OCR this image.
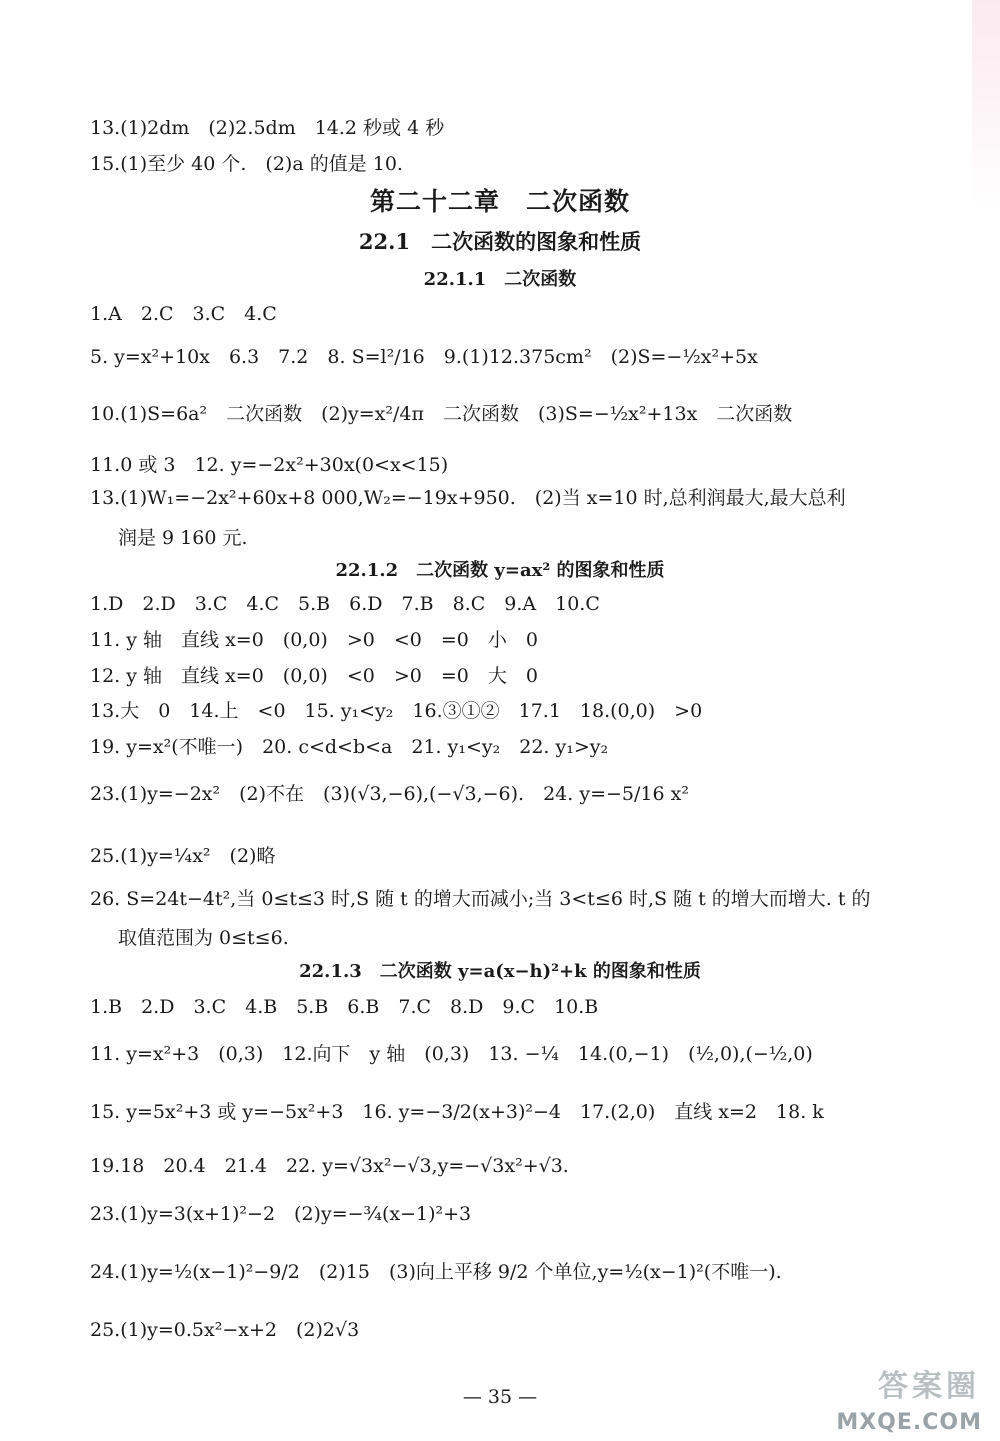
13.(1)2dm　(2)2.5dm　14.2 秒或 4 秒
15.(1)至少 40 个.　(2)a 的值是 10.
第二十二章　二次函数
22.1　二次函数的图象和性质
22.1.1　二次函数
1.A　2.C　3.C　4.C
5. y=x²+10x　6.3　7.2　8. S=l²/16　9.(1)12.375cm²　(2)S=−½x²+5x
10.(1)S=6a²　二次函数　(2)y=x²/4π　二次函数　(3)S=−½x²+13x　二次函数
11.0 或 3　12. y=−2x²+30x(0<x<15)
13.(1)W₁=−2x²+60x+8 000,W₂=−19x+950.　(2)当 x=10 时,总利润最大,最大总利
润是 9 160 元.
22.1.2　二次函数 y=ax² 的图象和性质
1.D　2.D　3.C　4.C　5.B　6.D　7.B　8.C　9.A　10.C
11. y 轴　直线 x=0　(0,0)　>0　<0　=0　小　0
12. y 轴　直线 x=0　(0,0)　<0　>0　=0　大　0
13.大　0　14.上　<0　15. y₁<y₂　16.③①②　17.1　18.(0,0)　>0
19. y=x²(不唯一)　20. c<d<b<a　21. y₁<y₂　22. y₁>y₂
23.(1)y=−2x²　(2)不在　(3)(√3,−6),(−√3,−6).　24. y=−5/16 x²
25.(1)y=¼x²　(2)略
26. S=24t−4t²,当 0≤t≤3 时,S 随 t 的增大而减小;当 3<t≤6 时,S 随 t 的增大而增大. t 的
取值范围为 0≤t≤6.
22.1.3　二次函数 y=a(x−h)²+k 的图象和性质
1.B　2.D　3.C　4.B　5.B　6.B　7.C　8.D　9.C　10.B
11. y=x²+3　(0,3)　12.向下　y 轴　(0,3)　13. −¼　14.(0,−1)　(½,0),(−½,0)
15. y=5x²+3 或 y=−5x²+3　16. y=−3/2(x+3)²−4　17.(2,0)　直线 x=2　18. k
19.18　20.4　21.4　22. y=√3x²−√3,y=−√3x²+√3.
23.(1)y=3(x+1)²−2　(2)y=−¾(x−1)²+3
24.(1)y=½(x−1)²−9/2　(2)15　(3)向上平移 9/2 个单位,y=½(x−1)²(不唯一).
25.(1)y=0.5x²−x+2　(2)2√3
— 35 —	答案圈
MXQE.COM
